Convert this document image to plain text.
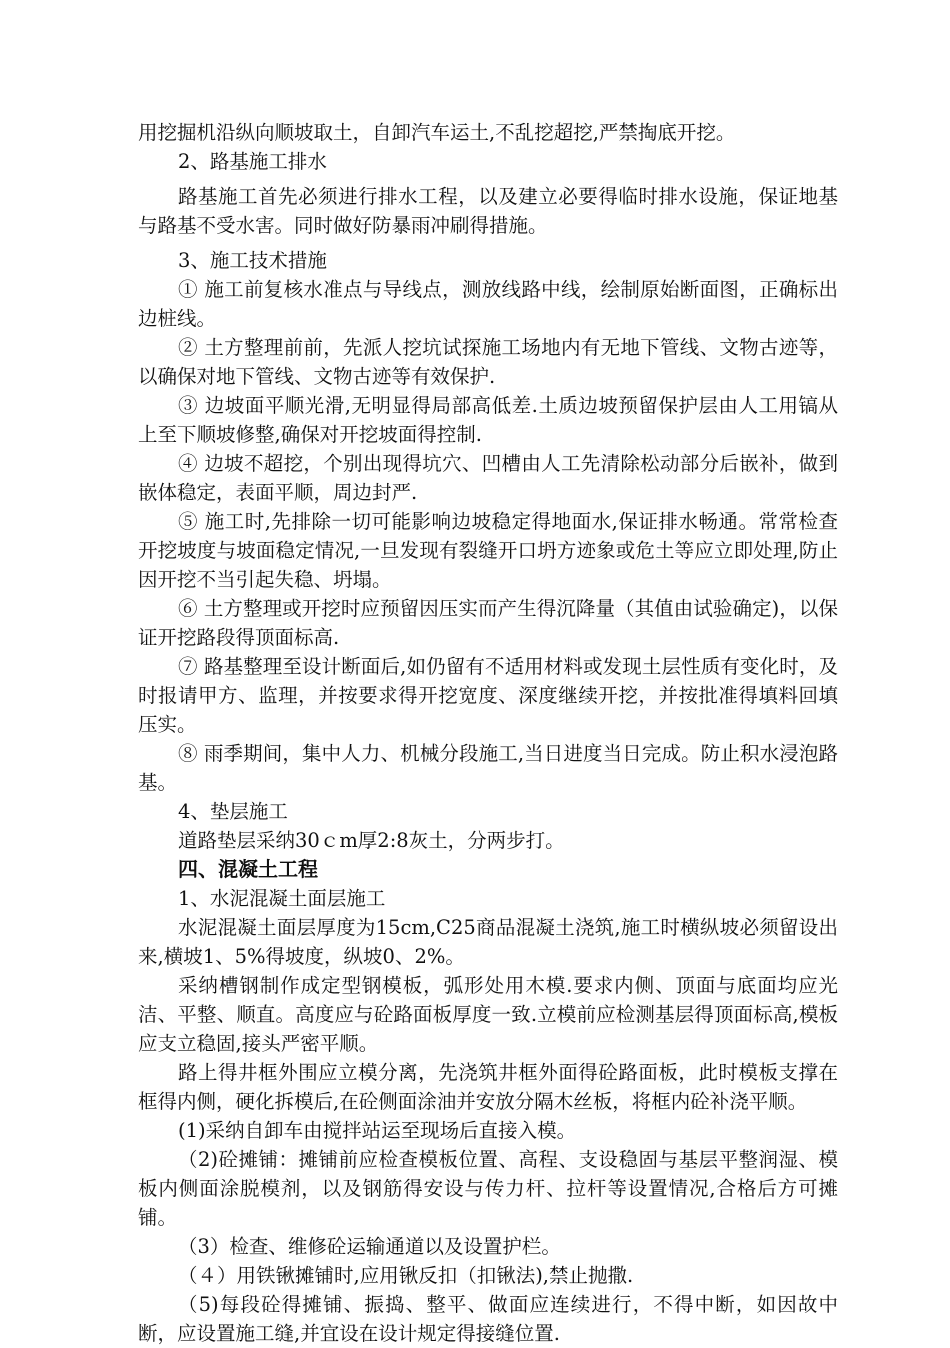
用挖掘机沿纵向顺坡取土，自卸汽车运土,不乱挖超挖,严禁掏底开挖。

2、路基施工排水

路基施工首先必须进行排水工程，以及建立必要得临时排水设施，保证地基与路基不受水害。同时做好防暴雨冲刷得措施。

3、施工技术措施

① 施工前复核水准点与导线点，测放线路中线，绘制原始断面图，正确标出边桩线。

② 土方整理前前，先派人挖坑试探施工场地内有无地下管线、文物古迹等，以确保对地下管线、文物古迹等有效保护.

③ 边坡面平顺光滑,无明显得局部高低差.土质边坡预留保护层由人工用镐从上至下顺坡修整,确保对开挖坡面得控制.

④ 边坡不超挖，个别出现得坑穴、凹槽由人工先清除松动部分后嵌补，做到嵌体稳定，表面平顺，周边封严.

⑤ 施工时,先排除一切可能影响边坡稳定得地面水,保证排水畅通。常常检查开挖坡度与坡面稳定情况,一旦发现有裂缝开口坍方迹象或危土等应立即处理,防止因开挖不当引起失稳、坍塌。

⑥ 土方整理或开挖时应预留因压实而产生得沉降量（其值由试验确定)，以保证开挖路段得顶面标高.

⑦ 路基整理至设计断面后,如仍留有不适用材料或发现土层性质有变化时，及时报请甲方、监理，并按要求得开挖宽度、深度继续开挖，并按批准得填料回填压实。

⑧ 雨季期间，集中人力、机械分段施工,当日进度当日完成。防止积水浸泡路基。

4、垫层施工

道路垫层采纳30ｃm厚2:8灰土，分两步打。

四、混凝土工程

1、水泥混凝土面层施工

水泥混凝土面层厚度为15cm,C25商品混凝土浇筑,施工时横纵坡必须留设出来,横坡1、5%得坡度，纵坡0、2%。

采纳槽钢制作成定型钢模板，弧形处用木模.要求内侧、顶面与底面均应光洁、平整、顺直。高度应与砼路面板厚度一致.立模前应检测基层得顶面标高,模板应支立稳固,接头严密平顺。

路上得井框外围应立模分离，先浇筑井框外面得砼路面板，此时模板支撑在框得内侧，硬化拆模后,在砼侧面涂油并安放分隔木丝板，将框内砼补浇平顺。

(1)采纳自卸车由搅拌站运至现场后直接入模。

（2)砼摊铺：摊铺前应检查模板位置、高程、支设稳固与基层平整润湿、模板内侧面涂脱模剂，以及钢筋得安设与传力杆、拉杆等设置情况,合格后方可摊铺。

（3）检查、维修砼运输通道以及设置护栏。

（４）用铁锹摊铺时,应用锹反扣（扣锹法),禁止抛撒.

（5)每段砼得摊铺、振捣、整平、做面应连续进行，不得中断，如因故中断，应设置施工缝,并宜设在设计规定得接缝位置.
